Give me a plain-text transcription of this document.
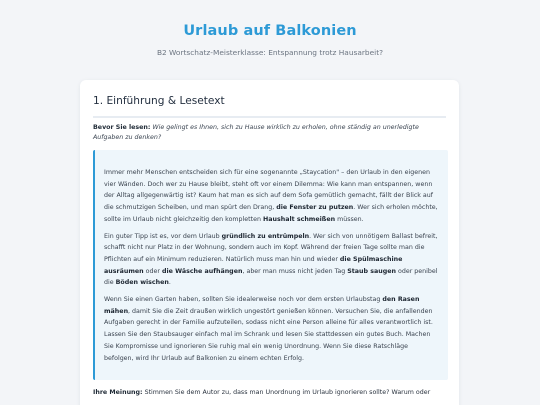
Urlaub auf Balkonien
B2 Wortschatz-Meisterklasse: Entspannung trotz Hausarbeit?
1. Einführung & Lesetext
Bevor Sie lesen: Wie gelingt es Ihnen, sich zu Hause wirklich zu erholen, ohne ständig an unerledigte Aufgaben zu denken?

Immer mehr Menschen entscheiden sich für eine sogenannte „Staycation" – den Urlaub in den eigenen vier Wänden. Doch wer zu Hause bleibt, steht oft vor einem Dilemma: Wie kann man entspannen, wenn der Alltag allgegenwärtig ist? Kaum hat man es sich auf dem Sofa gemütlich gemacht, fällt der Blick auf die schmutzigen Scheiben, und man spürt den Drang, die Fenster zu putzen. Wer sich erholen möchte, sollte im Urlaub nicht gleichzeitig den kompletten Haushalt schmeißen müssen.

Ein guter Tipp ist es, vor dem Urlaub gründlich zu entrümpeln. Wer sich von unnötigem Ballast befreit, schafft nicht nur Platz in der Wohnung, sondern auch im Kopf. Während der freien Tage sollte man die Pflichten auf ein Minimum reduzieren. Natürlich muss man hin und wieder die Spülmaschine ausräumen oder die Wäsche aufhängen, aber man muss nicht jeden Tag Staub saugen oder penibel die Böden wischen.

Wenn Sie einen Garten haben, sollten Sie idealerweise noch vor dem ersten Urlaubstag den Rasen mähen, damit Sie die Zeit draußen wirklich ungestört genießen können. Versuchen Sie, die anfallenden Aufgaben gerecht in der Familie aufzuteilen, sodass nicht eine Person alleine für alles verantwortlich ist. Lassen Sie den Staubsauger einfach mal im Schrank und lesen Sie stattdessen ein gutes Buch. Machen Sie Kompromisse und ignorieren Sie ruhig mal ein wenig Unordnung. Wenn Sie diese Ratschläge befolgen, wird Ihr Urlaub auf Balkonien zu einem echten Erfolg.

Ihre Meinung: Stimmen Sie dem Autor zu, dass man Unordnung im Urlaub ignorieren sollte? Warum oder
